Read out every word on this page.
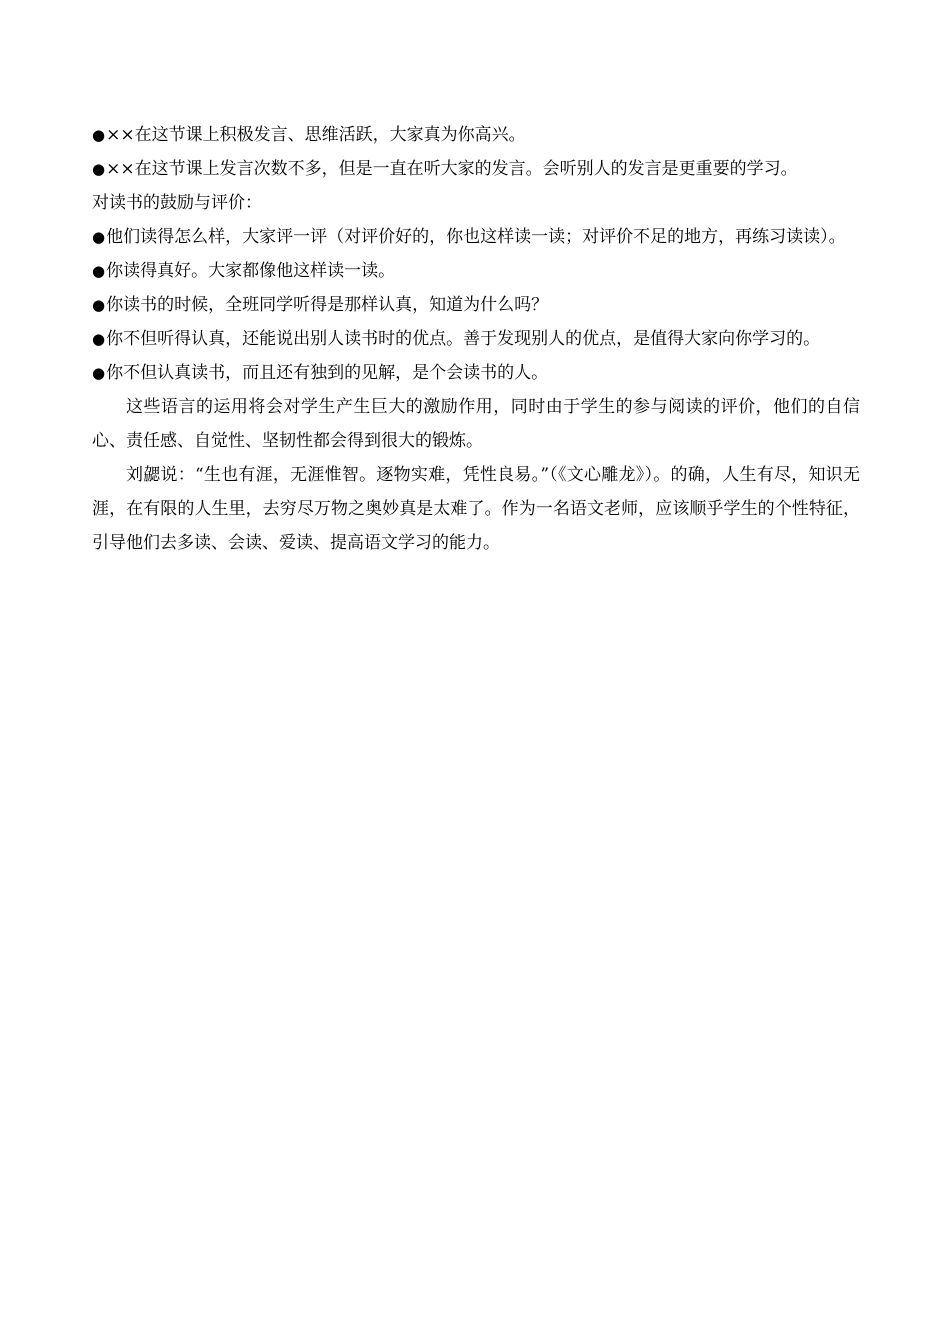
●××在这节课上积极发言、思维活跃，大家真为你高兴。

●××在这节课上发言次数不多，但是一直在听大家的发言。会听别人的发言是更重要的学习。

对读书的鼓励与评价：

●他们读得怎么样，大家评一评（对评价好的，你也这样读一读；对评价不足的地方，再练习读读）。

●你读得真好。大家都像他这样读一读。

●你读书的时候，全班同学听得是那样认真，知道为什么吗？

●你不但听得认真，还能说出别人读书时的优点。善于发现别人的优点，是值得大家向你学习的。

●你不但认真读书，而且还有独到的见解，是个会读书的人。

这些语言的运用将会对学生产生巨大的激励作用，同时由于学生的参与阅读的评价，他们的自信心、责任感、自觉性、坚韧性都会得到很大的锻炼。

刘勰说：“生也有涯，无涯惟智。逐物实难，凭性良易。”（《文心雕龙》）。的确，人生有尽，知识无涯，在有限的人生里，去穷尽万物之奥妙真是太难了。作为一名语文老师，应该顺乎学生的个性特征，引导他们去多读、会读、爱读、提高语文学习的能力。
